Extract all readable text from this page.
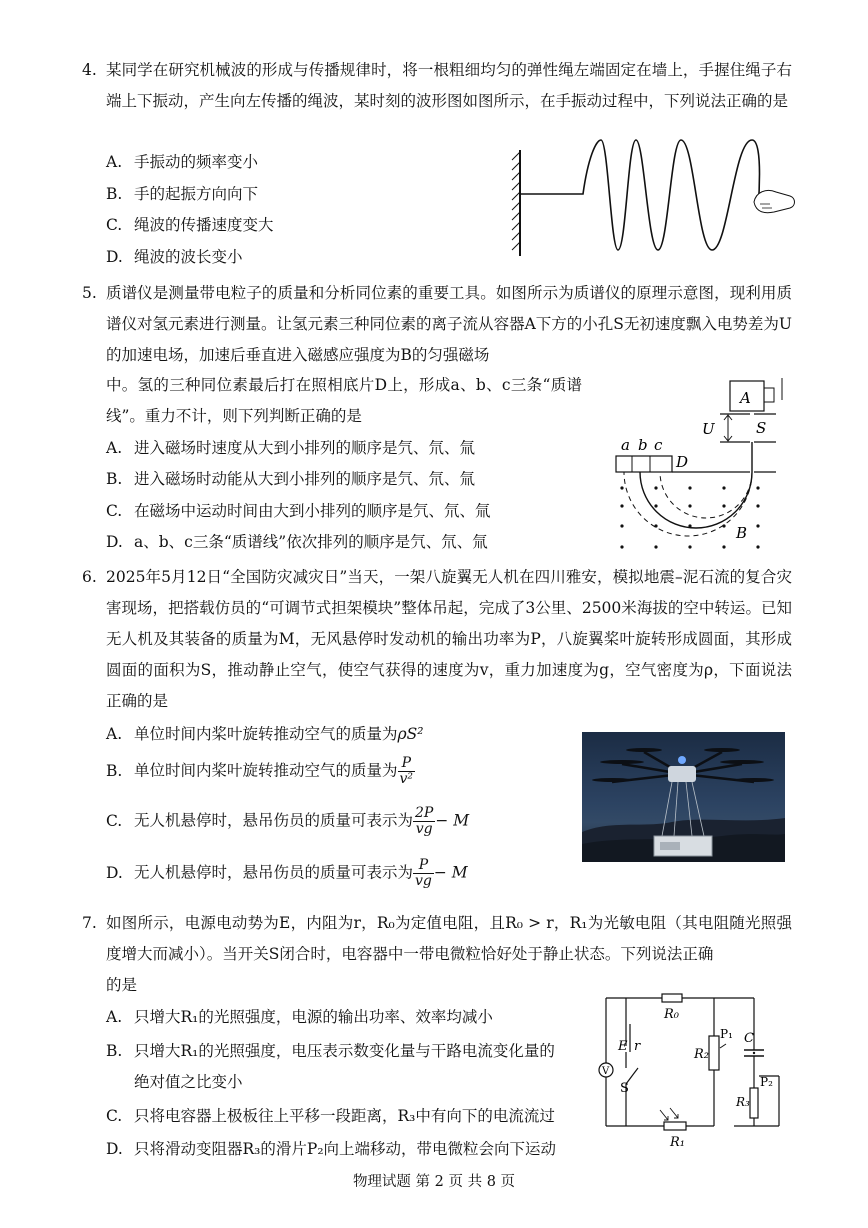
4. 某同学在研究机械波的形成与传播规律时，将一根粗细均匀的弹性绳左端固定在墙上，手握住绳子右端上下振动，产生向左传播的绳波，某时刻的波形图如图所示，在手振动过程中，下列说法正确的是
A. 手振动的频率变小
B. 手的起振方向向下
C. 绳波的传播速度变大
D. 绳波的波长变小
5. 质谱仪是测量带电粒子的质量和分析同位素的重要工具。如图所示为质谱仪的原理示意图，现利用质谱仪对氢元素进行测量。让氢元素三种同位素的离子流从容器A下方的小孔S无初速度飘入电势差为U的加速电场，加速后垂直进入磁感应强度为B的匀强磁场
中。氢的三种同位素最后打在照相底片D上，形成a、b、c三条“质谱线”。重力不计，则下列判断正确的是
A. 进入磁场时速度从大到小排列的顺序是氕、氘、氚
B. 进入磁场时动能从大到小排列的顺序是氕、氘、氚
C. 在磁场中运动时间由大到小排列的顺序是氕、氘、氚
D. a、b、c三条“质谱线”依次排列的顺序是氕、氘、氚
A
S
U
a b c
D
B
6. 2025年5月12日“全国防灾减灾日”当天，一架八旋翼无人机在四川雅安，模拟地震–泥石流的复合灾害现场，把搭载仿员的“可调节式担架模块”整体吊起，完成了3公里、2500米海拔的空中转运。已知无人机及其装备的质量为M，无风悬停时发动机的输出功率为P，八旋翼桨叶旋转形成圆面，其形成圆面的面积为S，推动静止空气，使空气获得的速度为v，重力加速度为g，空气密度为ρ，下面说法正确的是
A. 单位时间内桨叶旋转推动空气的质量为ρS²
B. 单位时间内桨叶旋转推动空气的质量为 $\frac{P}{\text{v²}}$
C. 无人机悬停时，悬吊伤员的质量可表示为 $\frac{2P}{vg} - M$
D. 无人机悬停时，悬吊伤员的质量可表示为 $\frac{P}{vg} - M$
7. 如图所示，电源电动势为E，内阻为r，R₀为定值电阻，且R₀ > r，R₁为光敏电阻（其电阻随光照强度增大而减小）。当开关S闭合时，电容器中一带电微粒恰好处于静止状态。下列说法正确
的是
A. 只增大R₁的光照强度，电源的输出功率、效率均减小
B. 只增大R₁的光照强度，电压表示数变化量与干路电流变化量的
绝对值之比变小
C. 只将电容器上极板往上平移一段距离，R₃中有向下的电流流过
D. 只将滑动变阻器R₃的滑片P₂向上端移动，带电微粒会向下运动
R₀
R₂
P₁ C
R₃
P₂
R₁
E r
S
V
物理试题 第 2 页 共 8 页
